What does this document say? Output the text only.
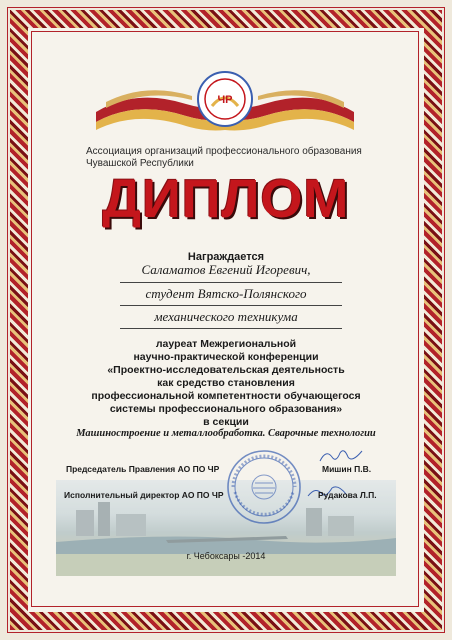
ЧР
Ассоциация организаций профессионального образования
Чувашской Республики
ДИПЛОМ
Награждается
Саламатов Евгений Игоревич,
студент Вятско-Полянского
механического техникума
лауреат Межрегиональной
научно-практической конференции
«Проектно-исследовательская деятельность
как средство становления
профессиональной компетентности обучающегося
системы профессионального образования»
в секции
Машиностроение и металлообработка. Сварочные технологии
Председатель Правления АО ПО ЧР	Мишин П.В.
Исполнительный директор АО ПО ЧР	Рудакова Л.П.
г. Чебоксары -2014
